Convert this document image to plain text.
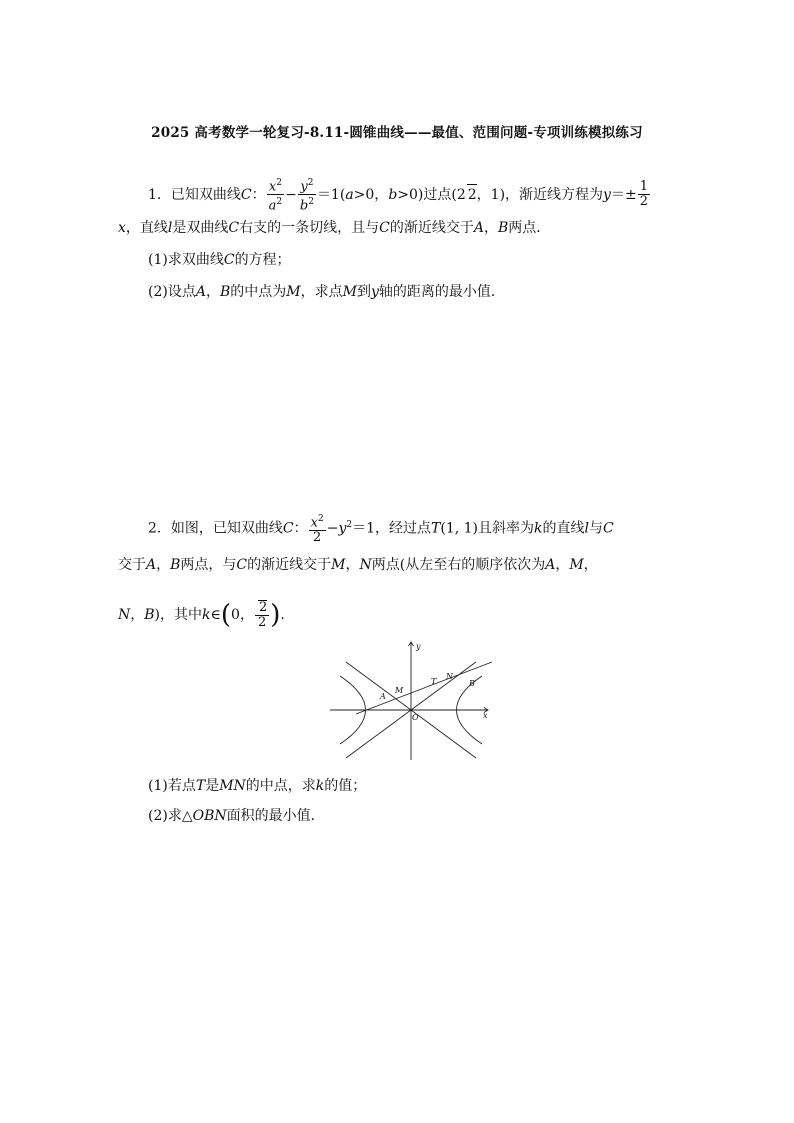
2025 高考数学一轮复习-8.11-圆锥曲线——最值、范围问题-专项训练模拟练习
1．已知双曲线C： $\frac{x^2}{a^2} - \frac{y^2}{b^2} =1(a>0$，b>0)过点(2 2，1)，渐近线方程为$y=\pm \frac{1}{2}$
x，直线l是双曲线C右支的一条切线，且与C的渐近线交于A，B两点．
(1)求双曲线C的方程；
(2)设点A，B的中点为M，求点M到y轴的距离的最小值．
2．如图，已知双曲线C： $\frac{x^2}{2} -y^2=1$，经过点T(1, 1)且斜率为k的直线l与C
交于A，B两点，与C的渐近线交于M，N两点(从左至右的顺序依次为A，M，
N，B)，其中k∈(0， $\frac{2}{2}$ ).
y
x
O
A
M
T
N
B
(1)若点T是MN的中点，求k的值；
(2)求△OBN面积的最小值．
